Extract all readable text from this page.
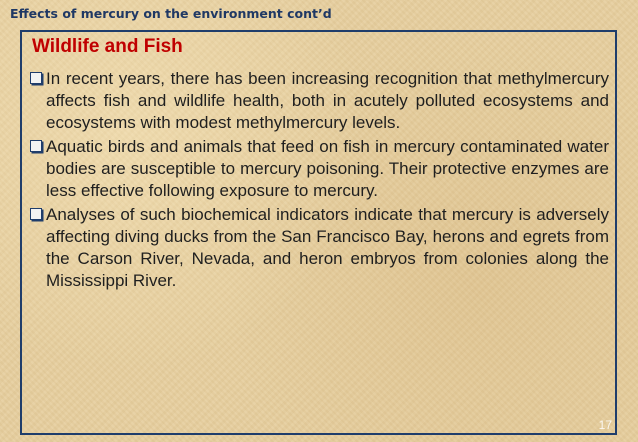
Effects of mercury on the environment cont’d
Wildlife and Fish
In recent years, there has been increasing recognition that methylmercury affects fish and wildlife health, both in acutely polluted ecosystems and ecosystems with modest methylmercury levels.
Aquatic birds and animals that feed on fish in mercury contaminated water bodies are susceptible to mercury poisoning. Their protective enzymes are less effective following exposure to mercury.
Analyses of such biochemical indicators indicate that mercury is adversely affecting diving ducks from the San Francisco Bay, herons and egrets from the Carson River, Nevada, and heron embryos from colonies along the Mississippi River.
17
